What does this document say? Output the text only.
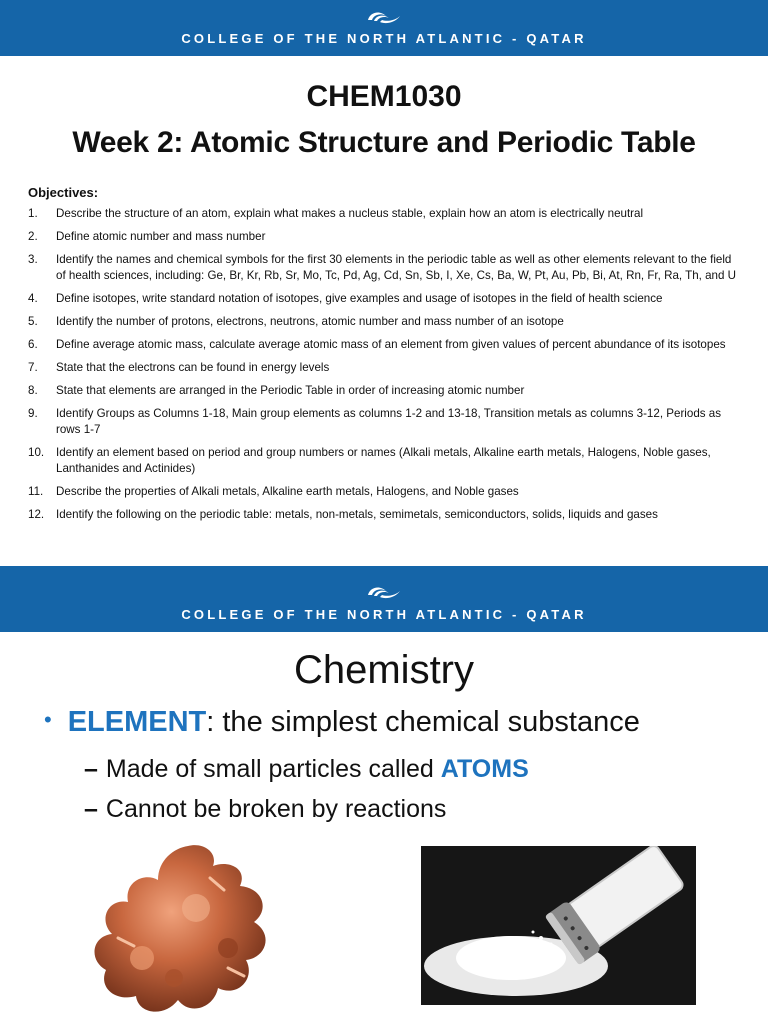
COLLEGE OF THE NORTH ATLANTIC - QATAR
CHEM1030
Week 2: Atomic Structure and Periodic Table
Objectives:
1.	Describe the structure of an atom, explain what makes a nucleus stable, explain how an atom is electrically neutral
2.	Define atomic number and mass number
3.	Identify the names and chemical symbols for the first 30 elements in the periodic table as well as other elements relevant to the field of health sciences, including: Ge, Br, Kr, Rb, Sr, Mo, Tc, Pd, Ag, Cd, Sn, Sb, I, Xe, Cs, Ba, W, Pt, Au, Pb, Bi, At, Rn, Fr, Ra, Th, and U
4.	Define isotopes, write standard notation of isotopes, give examples and usage of isotopes in the field of health science
5.	Identify the number of protons, electrons, neutrons, atomic number and mass number of an isotope
6.	Define average atomic mass, calculate average atomic mass of an element from given values of percent abundance of its isotopes
7.	State that the electrons can be found in energy levels
8.	State that elements are arranged in the Periodic Table in order of increasing atomic number
9.	Identify Groups as Columns 1-18, Main group elements as columns 1-2 and 13-18, Transition metals as columns 3-12, Periods as rows 1-7
10.	Identify an element based on period and group numbers or names (Alkali metals, Alkaline earth metals, Halogens, Noble gases, Lanthanides and Actinides)
11.	Describe the properties of Alkali metals, Alkaline earth metals, Halogens, and Noble gases
12.	Identify the following on the periodic table: metals, non-metals, semimetals, semiconductors, solids, liquids and gases
COLLEGE OF THE NORTH ATLANTIC - QATAR
Chemistry
• ELEMENT: the simplest chemical substance
– Made of small particles called ATOMS
– Cannot be broken by reactions
